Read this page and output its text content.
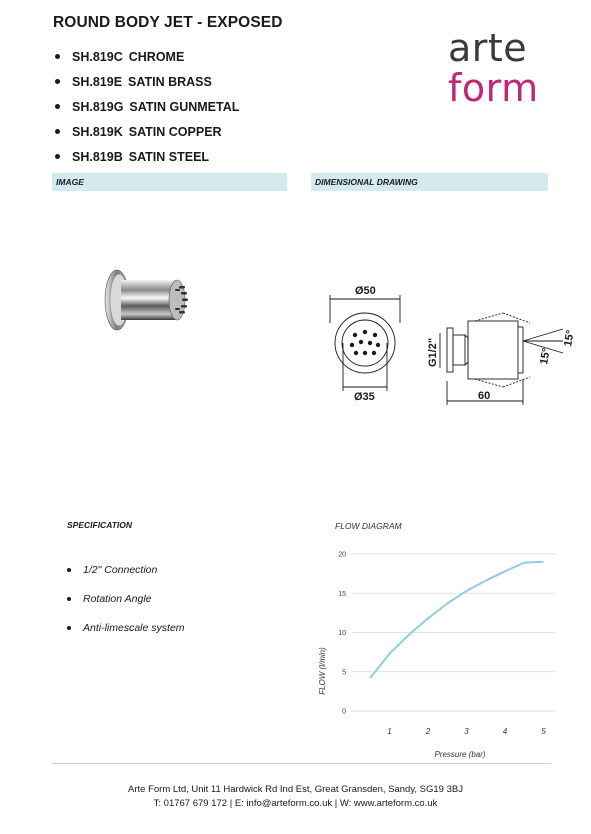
ROUND BODY JET - EXPOSED
SH.819C CHROME
SH.819E SATIN BRASS
SH.819G SATIN GUNMETAL
SH.819K SATIN COPPER
SH.819B SATIN STEEL
arte
form
IMAGE	DIMENSIONAL DRAWING
Ø50
Ø35
G1/2"
60
15°
15°
SPECIFICATION	FLOW DIAGRAM
1/2" Connection
Rotation Angle
Anti-limescale system
0
5
10
15
20
1	2	3	4	5
FLOW (l/min)
Pressure (bar)
Arte Form Ltd, Unit 11 Hardwick Rd Ind Est, Great Gransden, Sandy, SG19 3BJ
T: 01767 679 172 | E: info@arteform.co.uk | W: www.arteform.co.uk
